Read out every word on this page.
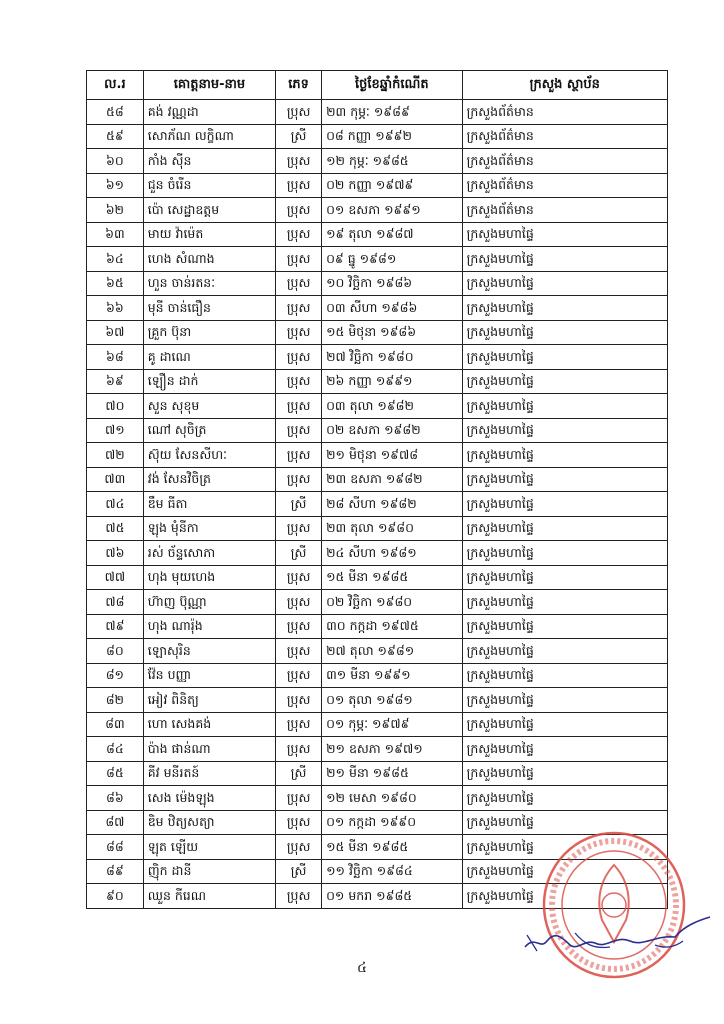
ល.រ	គោត្តនាម-នាម	ភេទ	ថ្ងៃខែឆ្នាំកំណើត	ក្រសួង ស្ថាប័ន
៥៨	គង់ វណ្ណដា	ប្រុស	២៣ កុម្ភៈ ១៩៨៩	ក្រសួងព័ត៌មាន
៥៩	សោភ័ណ លក្ខិណា	ស្រី	០៨ កញ្ញា ១៩៩២	ក្រសួងព័ត៌មាន
៦០	កាំង ស៊ីន	ប្រុស	១២ កុម្ភៈ ១៩៨៥	ក្រសួងព័ត៌មាន
៦១	ជួន ចំរើន	ប្រុស	០២ កញ្ញា ១៩៧៩	ក្រសួងព័ត៌មាន
៦២	ប៉ោ សេដ្ឋាឧត្តម	ប្រុស	០១ ឧសភា ១៩៩១	ក្រសួងព័ត៌មាន
៦៣	មាយ វ៉ាម៉េត	ប្រុស	១៩ តុលា ១៩៨៧	ក្រសួងមហាផ្ទៃ
៦៤	ហេង សំណាង	ប្រុស	០៩ ធ្នូ ១៩៨១	ក្រសួងមហាផ្ទៃ
៦៥	ហួន ចាន់រតនៈ	ប្រុស	១០ វិច្ឆិកា ១៩៨៦	ក្រសួងមហាផ្ទៃ
៦៦	មុនី ចាន់ធឿន	ប្រុស	០៣ សីហា ១៩៨៦	ក្រសួងមហាផ្ទៃ
៦៧	គ្រួក ប៊ុនា	ប្រុស	១៥ មិថុនា ១៩៨៦	ក្រសួងមហាផ្ទៃ
៦៨	គូ ដាណេ	ប្រុស	២៧ វិច្ឆិកា ១៩៨០	ក្រសួងមហាផ្ទៃ
៦៩	ឡឿន ដាក់	ប្រុស	២៦ កញ្ញា ១៩៩១	ក្រសួងមហាផ្ទៃ
៧០	សួន សុខុម	ប្រុស	០៣ តុលា ១៩៨២	ក្រសួងមហាផ្ទៃ
៧១	ណៅ សុចិត្រ	ប្រុស	០២ ឧសភា ១៩៨២	ក្រសួងមហាផ្ទៃ
៧២	ស៊ុយ សែនសីហៈ	ប្រុស	២១ មិថុនា ១៩៧៨	ក្រសួងមហាផ្ទៃ
៧៣	វង់ សែនវិចិត្រ	ប្រុស	២៣ ឧសភា ១៩៨២	ក្រសួងមហាផ្ទៃ
៧៤	ឌឹម ធីតា	ស្រី	២៨ សីហា ១៩៨២	ក្រសួងមហាផ្ទៃ
៧៥	ឡុង មុំនីកា	ប្រុស	២៣ តុលា ១៩៨០	ក្រសួងមហាផ្ទៃ
៧៦	រស់ ច័ន្ទសោភា	ស្រី	២៤ សីហា ១៩៨១	ក្រសួងមហាផ្ទៃ
៧៧	ហុង មុយហេង	ប្រុស	១៥ មីនា ១៩៨៥	ក្រសួងមហាផ្ទៃ
៧៨	ហ៊ាញ ប៊ុណ្ណា	ប្រុស	០២ វិច្ឆិកា ១៩៨០	ក្រសួងមហាផ្ទៃ
៧៩	ហុង ណារ៉ុង	ប្រុស	៣០ កក្កដា ១៩៧៥	ក្រសួងមហាផ្ទៃ
៨០	ឡោសុរិន	ប្រុស	២៧ តុលា ១៩៨១	ក្រសួងមហាផ្ទៃ
៨១	វ៉ែន បញ្ញា	ប្រុស	៣១ មីនា ១៩៩១	ក្រសួងមហាផ្ទៃ
៨២	អៀវ ពិនិត្យ	ប្រុស	០១ តុលា ១៩៨១	ក្រសួងមហាផ្ទៃ
៨៣	ហោ សេងគង់	ប្រុស	០១ កុម្ភៈ ១៩៧៩	ក្រសួងមហាផ្ទៃ
៨៤	ប៉ាង ផាន់ណា	ប្រុស	២១ ឧសភា ១៩៧១	ក្រសួងមហាផ្ទៃ
៨៥	គីវ មនីរតន៍	ស្រី	២១ មីនា ១៩៨៥	ក្រសួងមហាផ្ទៃ
៨៦	សេង ម៉េងឡុង	ប្រុស	១២ មេសា ១៩៨០	ក្រសួងមហាផ្ទៃ
៨៧	ឌិម ឋិត្យសត្យា	ប្រុស	០១ កក្កដា ១៩៩០	ក្រសួងមហាផ្ទៃ
៨៨	ឡុត ឡើយ	ប្រុស	១៥ មីនា ១៩៨៥	ក្រសួងមហាផ្ទៃ
៨៩	ញ៉ិក ដានី	ស្រី	១១ វិច្ឆិកា ១៩៨៤	ក្រសួងមហាផ្ទៃ
៩០	ឈួន កីរេណ	ប្រុស	០១ មករា ១៩៨៥	ក្រសួងមហាផ្ទៃ
៤
